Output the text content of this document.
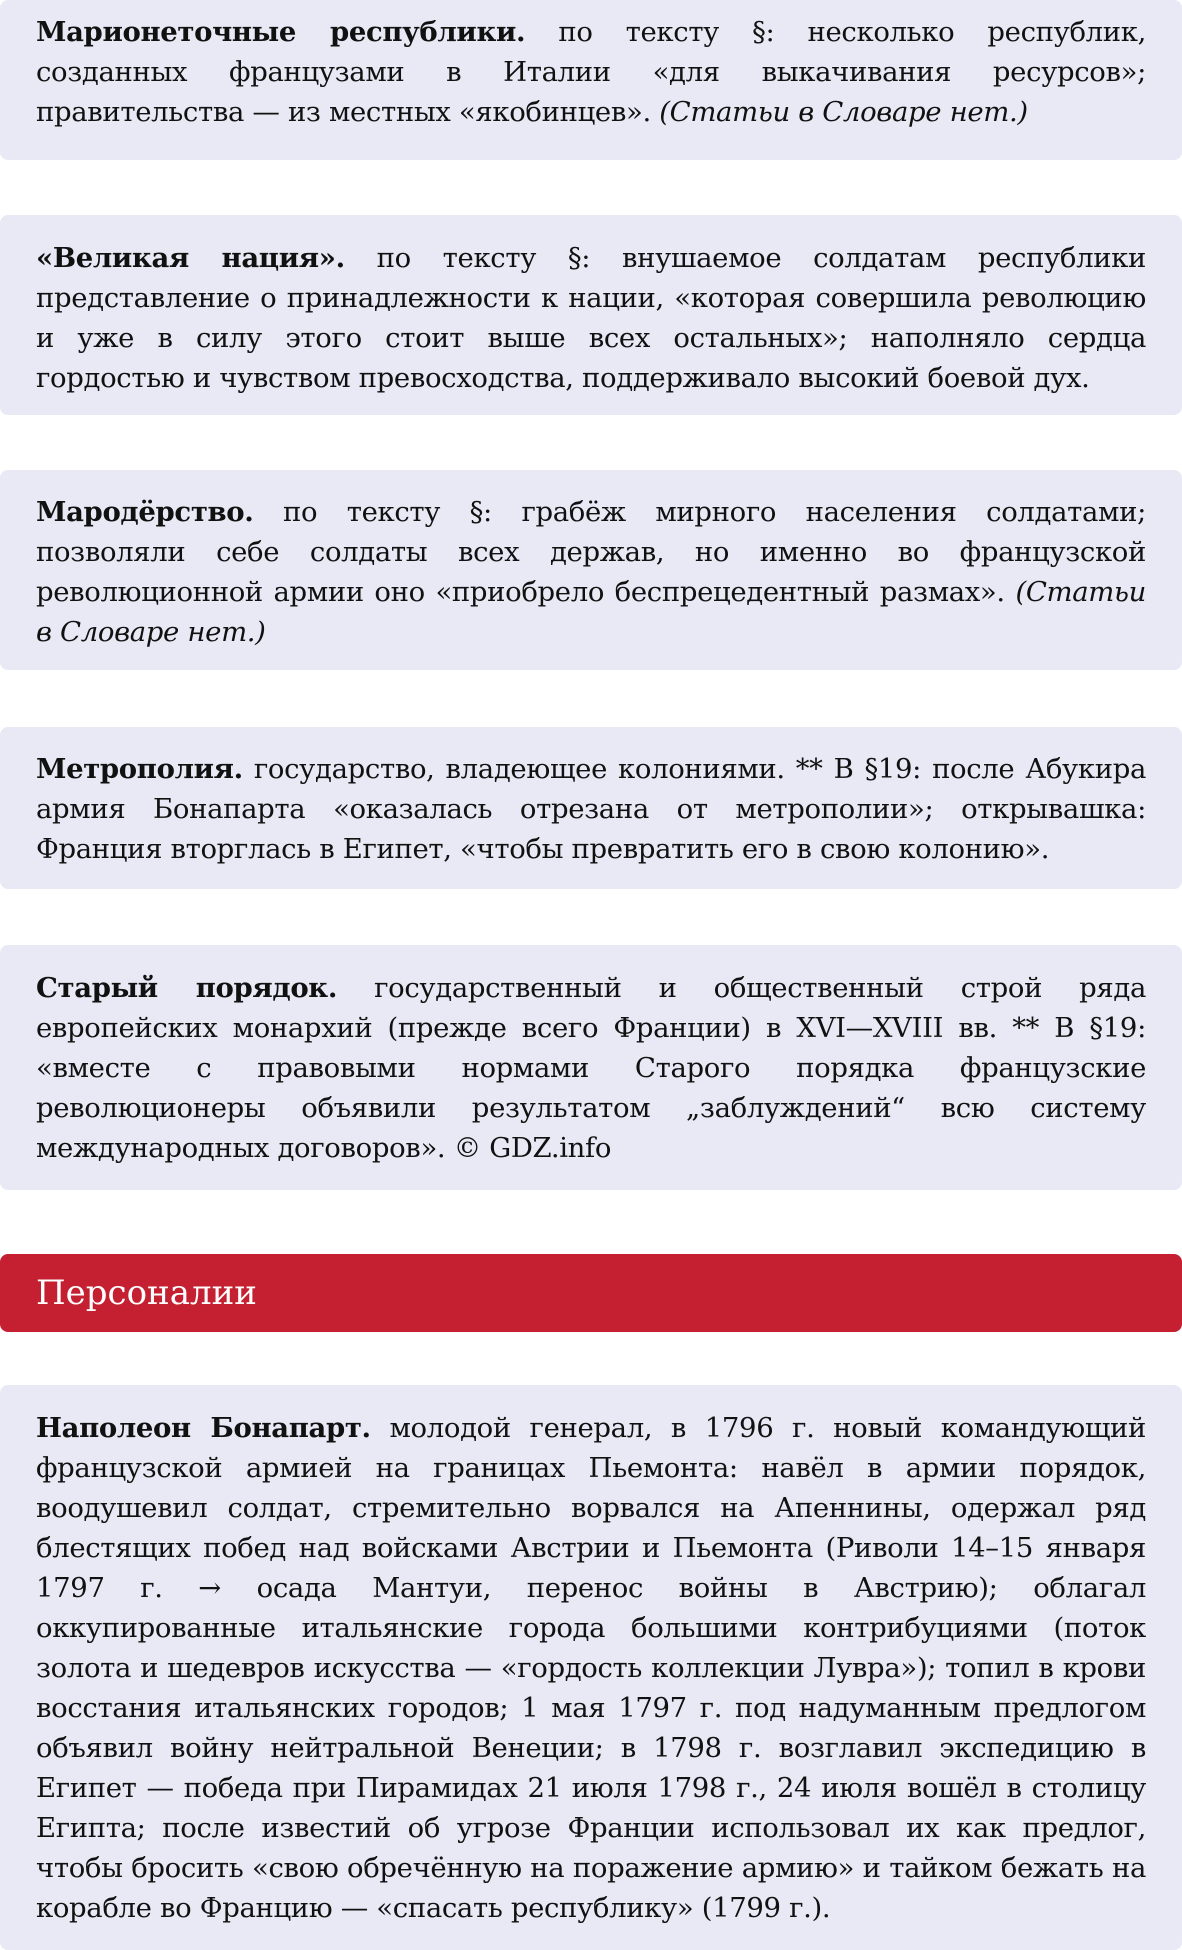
Марионеточные республики. по тексту §: несколько республик, созданных французами в Италии «для выкачивания ресурсов»; правительства — из местных «якобинцев». (Статьи в Словаре нет.)

«Великая нация». по тексту §: внушаемое солдатам республики представление о принадлежности к нации, «которая совершила революцию и уже в силу этого стоит выше всех остальных»; наполняло сердца гордостью и чувством превосходства, поддерживало высокий боевой дух.

Мародёрство. по тексту §: грабёж мирного населения солдатами; позволяли себе солдаты всех держав, но именно во французской революционной армии оно «приобрело беспрецедентный размах». (Статьи в Словаре нет.)

Метрополия. государство, владеющее колониями. ** В §19: после Абукира армия Бонапарта «оказалась отрезана от метрополии»; открывашка: Франция вторглась в Египет, «чтобы превратить его в свою колонию».

Старый порядок. государственный и общественный строй ряда европейских монархий (прежде всего Франции) в XVI—XVIII вв. ** В §19: «вместе с правовыми нормами Старого порядка французские революционеры объявили результатом „заблуждений“ всю систему международных договоров». © GDZ.info

Персоналии

Наполеон Бонапарт. молодой генерал, в 1796 г. новый командующий французской армией на границах Пьемонта: навёл в армии порядок, воодушевил солдат, стремительно ворвался на Апеннины, одержал ряд блестящих побед над войсками Австрии и Пьемонта (Риволи 14–15 января 1797 г. → осада Мантуи, перенос войны в Австрию); облагал оккупированные итальянские города большими контрибуциями (поток золота и шедевров искусства — «гордость коллекции Лувра»); топил в крови восстания итальянских городов; 1 мая 1797 г. под надуманным предлогом объявил войну нейтральной Венеции; в 1798 г. возглавил экспедицию в Египет — победа при Пирамидах 21 июля 1798 г., 24 июля вошёл в столицу Египта; после известий об угрозе Франции использовал их как предлог, чтобы бросить «свою обречённую на поражение армию» и тайком бежать на корабле во Францию — «спасать республику» (1799 г.).
